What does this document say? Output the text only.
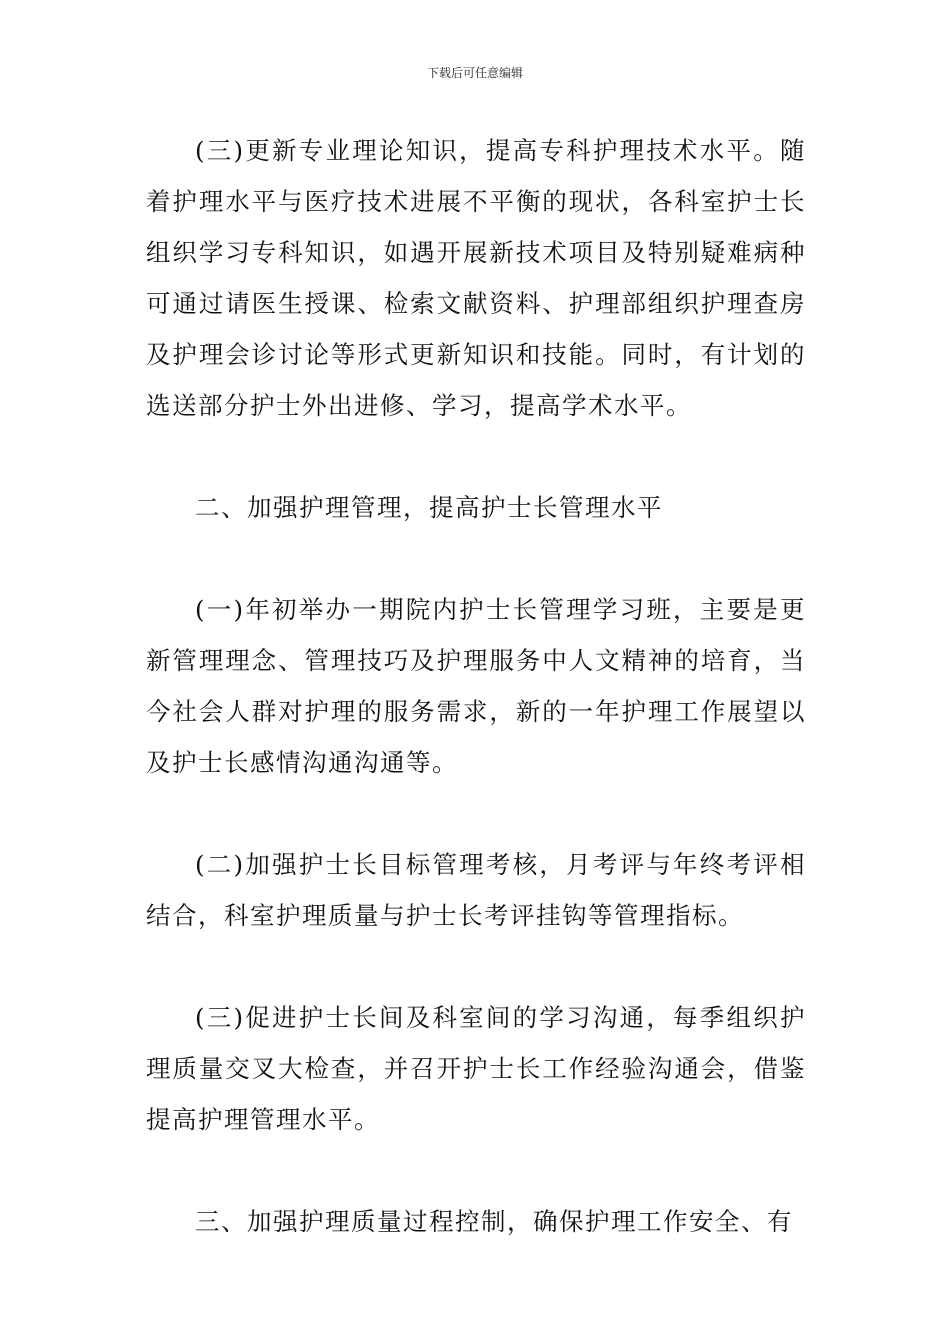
下载后可任意编辑

(三)更新专业理论知识，提高专科护理技术水平。随着护理水平与医疗技术进展不平衡的现状，各科室护士长组织学习专科知识，如遇开展新技术项目及特别疑难病种可通过请医生授课、检索文献资料、护理部组织护理查房及护理会诊讨论等形式更新知识和技能。同时，有计划的选送部分护士外出进修、学习，提高学术水平。

二、加强护理管理，提高护士长管理水平

(一)年初举办一期院内护士长管理学习班，主要是更新管理理念、管理技巧及护理服务中人文精神的培育，当今社会人群对护理的服务需求，新的一年护理工作展望以及护士长感情沟通沟通等。

(二)加强护士长目标管理考核，月考评与年终考评相结合，科室护理质量与护士长考评挂钩等管理指标。

(三)促进护士长间及科室间的学习沟通，每季组织护理质量交叉大检查，并召开护士长工作经验沟通会，借鉴提高护理管理水平。

三、加强护理质量过程控制，确保护理工作安全、有
